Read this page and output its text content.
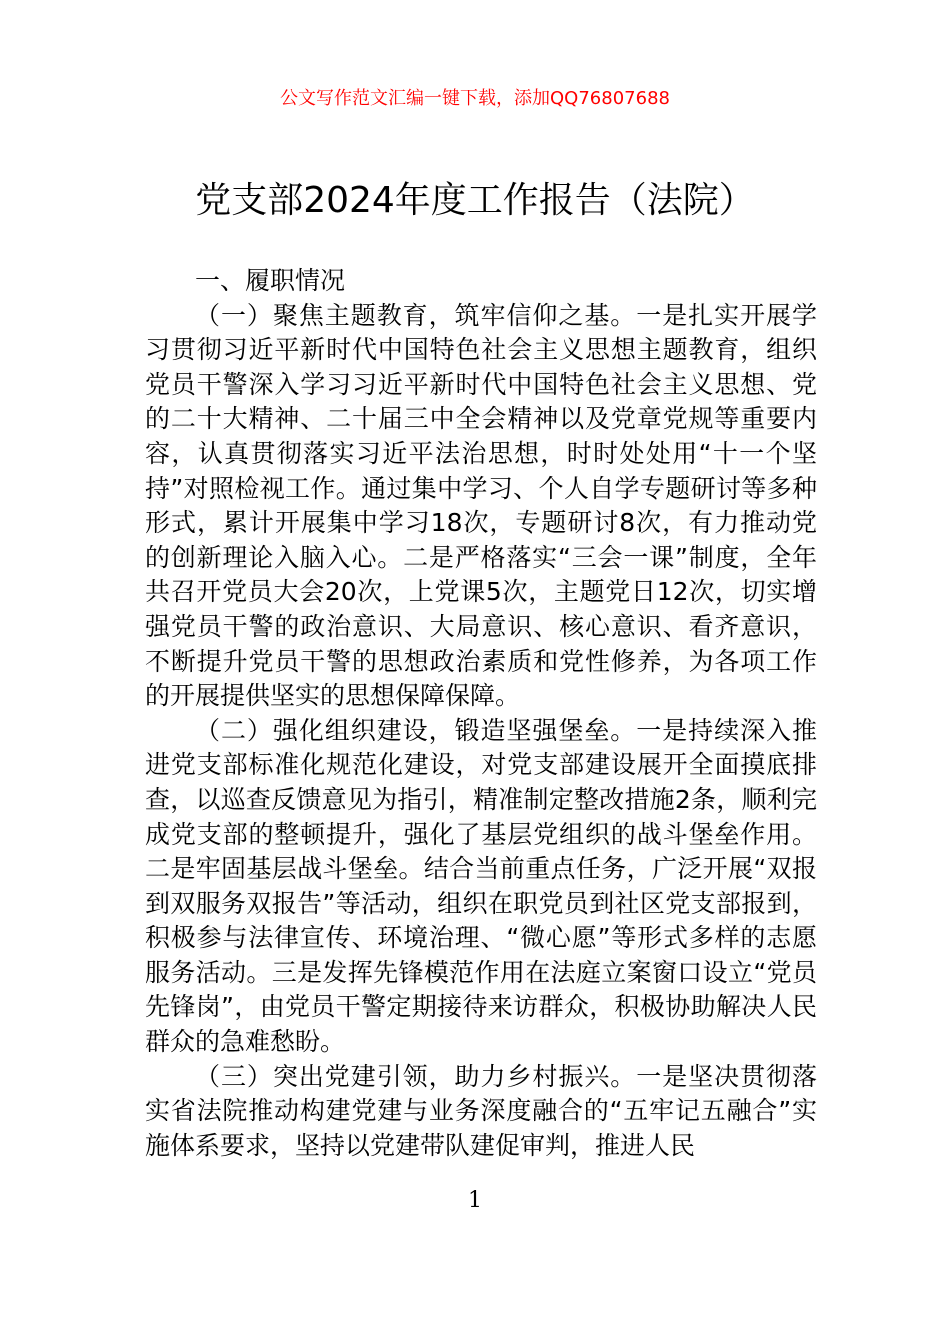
公文写作范文汇编一键下载，添加QQ76807688
党支部2024年度工作报告（法院）
一、履职情况

（一）聚焦主题教育，筑牢信仰之基。一是扎实开展学习贯彻习近平新时代中国特色社会主义思想主题教育，组织党员干警深入学习习近平新时代中国特色社会主义思想、党的二十大精神、二十届三中全会精神以及党章党规等重要内容，认真贯彻落实习近平法治思想，时时处处用“十一个坚持”对照检视工作。通过集中学习、个人自学专题研讨等多种形式，累计开展集中学习18次，专题研讨8次，有力推动党的创新理论入脑入心。二是严格落实“三会一课”制度，全年共召开党员大会20次，上党课5次，主题党日12次，切实增强党员干警的政治意识、大局意识、核心意识、看齐意识，不断提升党员干警的思想政治素质和党性修养，为各项工作的开展提供坚实的思想保障保障。

（二）强化组织建设，锻造坚强堡垒。一是持续深入推进党支部标准化规范化建设，对党支部建设展开全面摸底排查，以巡查反馈意见为指引，精准制定整改措施2条，顺利完成党支部的整顿提升，强化了基层党组织的战斗堡垒作用。二是牢固基层战斗堡垒。结合当前重点任务，广泛开展“双报到双服务双报告”等活动，组织在职党员到社区党支部报到，积极参与法律宣传、环境治理、“微心愿”等形式多样的志愿服务活动。三是发挥先锋模范作用在法庭立案窗口设立“党员先锋岗”，由党员干警定期接待来访群众，积极协助解决人民群众的急难愁盼。

（三）突出党建引领，助力乡村振兴。一是坚决贯彻落实省法院推动构建党建与业务深度融合的“五牢记五融合”实施体系要求，坚持以党建带队建促审判，推进人民

1
